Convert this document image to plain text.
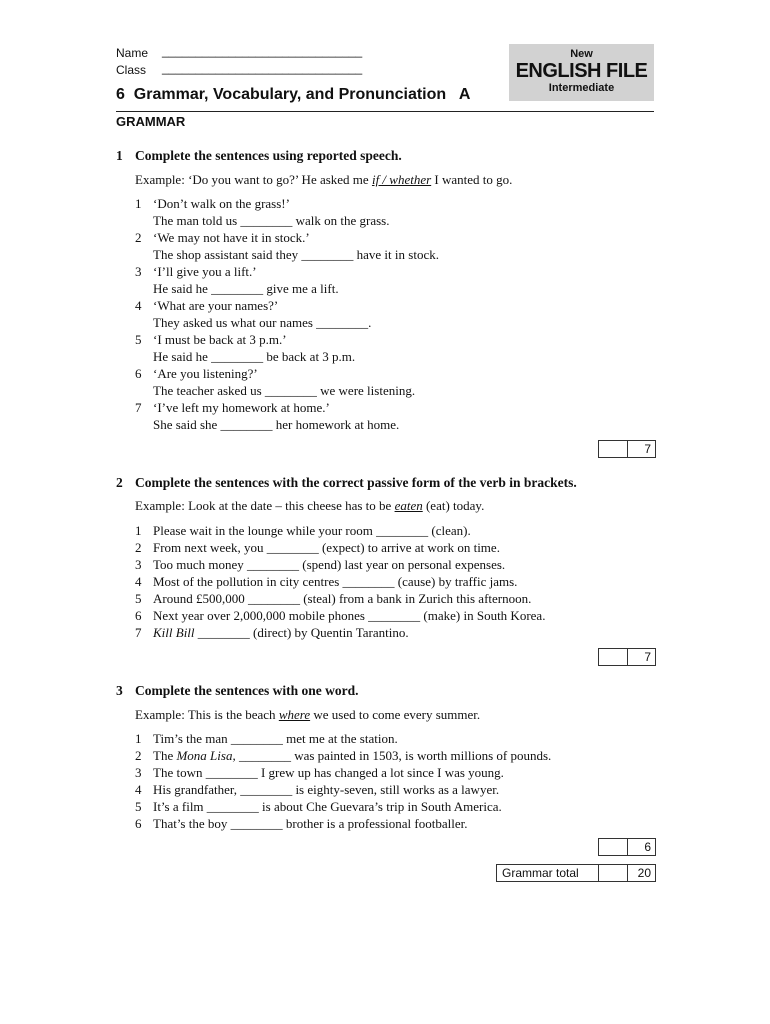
Name ______________________________
Class ______________________________
New
ENGLISH FILE
Intermediate
6  Grammar, Vocabulary, and Pronunciation   A
GRAMMAR
1 Complete the sentences using reported speech.
Example: ‘Do you want to go?’ He asked me if / whether I wanted to go.
1 ‘Don’t walk on the grass!’
The man told us ________ walk on the grass.
2 ‘We may not have it in stock.’
The shop assistant said they ________ have it in stock.
3 ‘I’ll give you a lift.’
He said he ________ give me a lift.
4 ‘What are your names?’
They asked us what our names ________.
5 ‘I must be back at 3 p.m.’
He said he ________ be back at 3 p.m.
6 ‘Are you listening?’
The teacher asked us ________ we were listening.
7 ‘I’ve left my homework at home.’
She said she ________ her homework at home.
7
2 Complete the sentences with the correct passive form of the verb in brackets.
Example: Look at the date – this cheese has to be eaten (eat) today.
1 Please wait in the lounge while your room ________ (clean).
2 From next week, you ________ (expect) to arrive at work on time.
3 Too much money ________ (spend) last year on personal expenses.
4 Most of the pollution in city centres ________ (cause) by traffic jams.
5 Around £500,000 ________ (steal) from a bank in Zurich this afternoon.
6 Next year over 2,000,000 mobile phones ________ (make) in South Korea.
7 Kill Bill ________ (direct) by Quentin Tarantino.
7
3 Complete the sentences with one word.
Example: This is the beach where we used to come every summer.
1 Tim’s the man ________ met me at the station.
2 The Mona Lisa, ________ was painted in 1503, is worth millions of pounds.
3 The town ________ I grew up has changed a lot since I was young.
4 His grandfather, ________ is eighty-seven, still works as a lawyer.
5 It’s a film ________ is about Che Guevara’s trip in South America.
6 That’s the boy ________ brother is a professional footballer.
6
Grammar total	20
